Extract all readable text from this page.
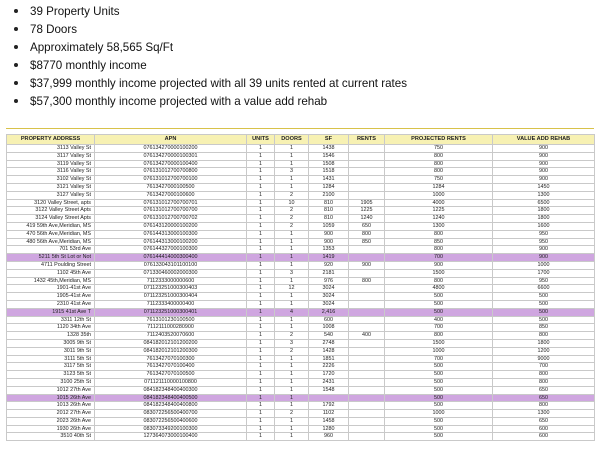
39 Property Units
78 Doors
Approximately 58,565 Sq/Ft
$8770 monthly income
$37,999 monthly income projected with all 39 units rented at current rates
$57,300 monthly income projected with a value add rehab
PROPERTY ADDRESS	APN	UNITS	DOORS	SF	RENTS	PROJECTED RENTS	VALUE ADD REHAB
3113 Valley St	076134270000100200	1	1	1438		750	900
3117 Valley St	076134270000100301	1	1	1546		800	900
3119 Valley St	076134270000100400	1	1	1508		800	900
3116 Valley St	076131012700700800	1	3	1518		800	900
3102 Valley St	076131012700700100	1	1	1431		750	900
3121 Valley St	7613427000100500	1	1	1284		1284	1450
3127 Valley St	7613427000100600	1	2	2100		1000	1300
3120 Valley Street, apts	076131012700700701	1	10	810	1905	4000	6500
3122 Valley Street Apts	076131012700700700	1	2	810	1225	1225	1800
3124 Valley Street Apts	076131012700700702	1	2	810	1240	1240	1800
419 59th Ave,Meridian, MS	076143120000100200	1	2	1059	650	1300	1600
470 56th Ave,Meridian, MS	076144313000100300	1	1	900	800	800	950
480 56th Ave,Meridian, MS	076144313000100200	1	1	900	850	850	950
701 53rd Ave	076144327000100300	1	1	1353		800	900
5211 5th St Lot or Not	076144414000300400	1	1	1419		700	900
4711 Poulding Street	076133043101100100	1	1	920	900	900	1000
1102 45th Ave	071330460002000300	1	3	2181		1500	1700
1432 45th,Meridian, MS	7112333000000600	1	1	976	800	800	950
1901-41st Ave	071123251000300403	1	12	3024		4800	6600
1905-41st Ave	071123251000300404	1	1	3024		500	500
2310 41st Ave	7112333400000400	1	1	3024		500	500
1915 41st Ave T	071123251000300401	1	4	2,416		500	500
3311 12th St	7613101230100500	1	1	600		400	500
1120 34th Ave	7112111000280900	1	1	1008		700	850
1328 35th	7112403520070600	1	2	540	400	800	800
3005 9th St	084182012101200200	1	3	2748		1500	1800
3011 9th St	084182012101200300	1	2	1428		1000	1200
3111 5th St	7613427070100300	1	1	1851		700	9000
3117 5th St	7613427070100400	1	1	2226		500	700
3123 5th St	7613427070100500	1	1	1720		500	800
3100 25th St	071121110000100800	1	1	2431		500	800
1012 27th Ave	084182348400400300	1	1	1548		500	650
1015 26th Ave	084182348400400500	1	1			500	650
1013 26th Ave	084182348400400800	1	1	1792		500	800
2012 27th Ave	083072256500400700	1	2	1102		1000	1300
2023 26th Ave	083072256500400600	1	1	1458		500	650
1930 26th Ave	083073349200100300	1	1	1280		500	600
3510 40th St	127364073000100400	1	1	960		500	600
